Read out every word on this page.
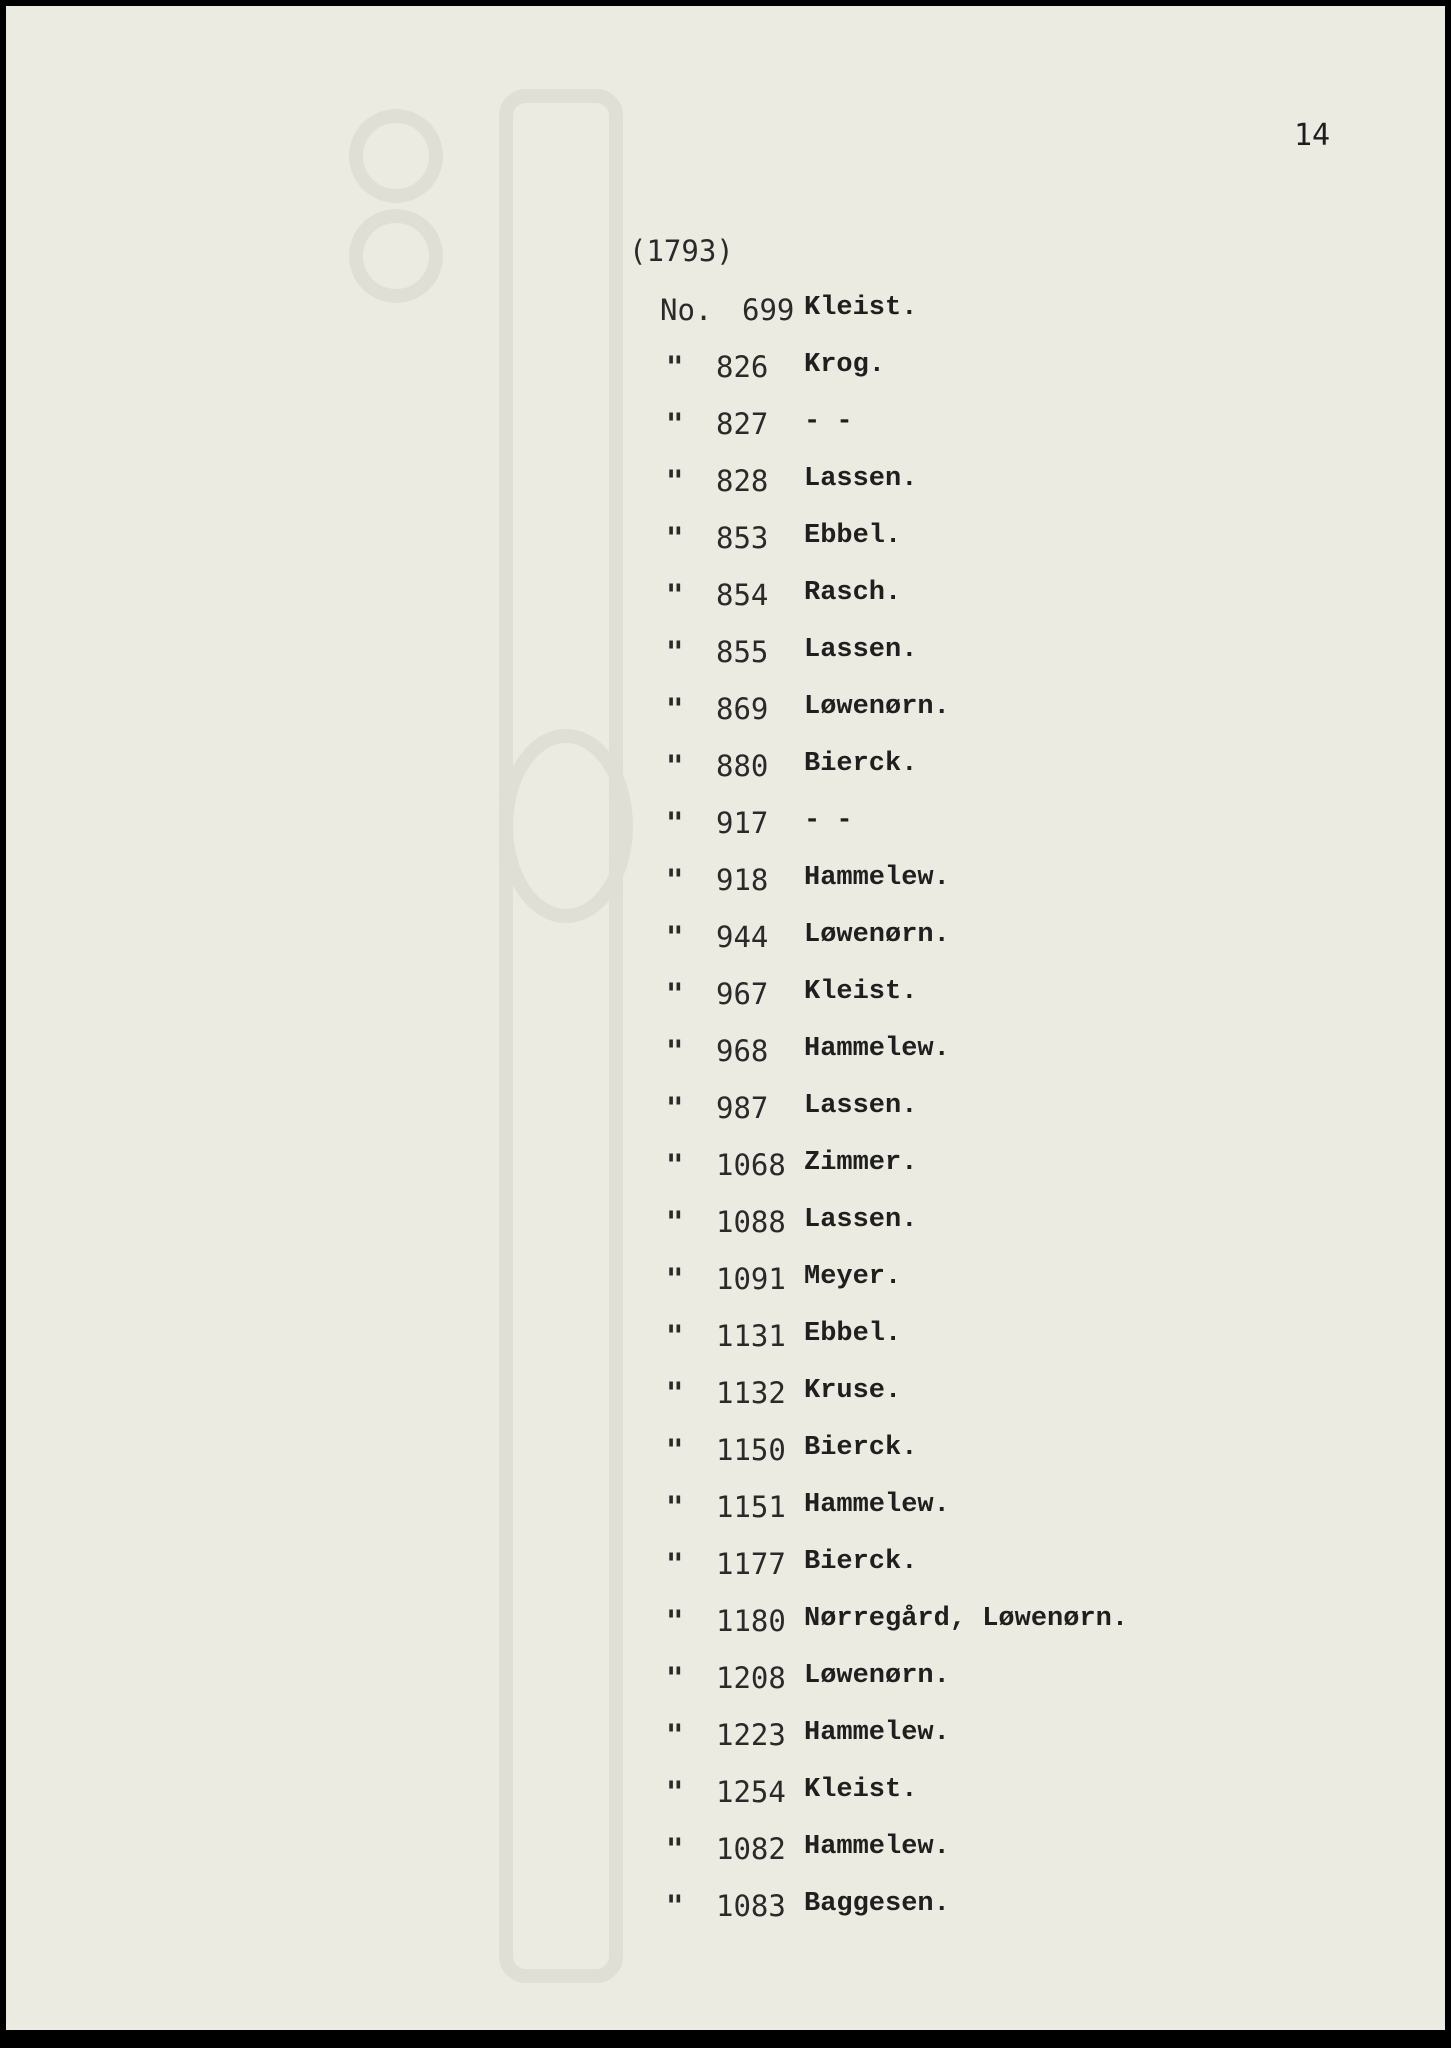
14
(1793)
No.	699 Kleist.
"	826 Krog.
"	827 - -
"	828 Lassen.
"	853 Ebbel.
"	854 Rasch.
"	855 Lassen.
"	869 Løwenørn.
"	880 Bierck.
"	917 - -
"	918 Hammelew.
"	944 Løwenørn.
"	967 Kleist.
"	968 Hammelew.
"	987 Lassen.
"	1068 Zimmer.
"	1088 Lassen.
"	1091 Meyer.
"	1131 Ebbel.
"	1132 Kruse.
"	1150 Bierck.
"	1151 Hammelew.
"	1177 Bierck.
"	1180 Nørregård, Løwenørn.
"	1208 Løwenørn.
"	1223 Hammelew.
"	1254 Kleist.
"	1082 Hammelew.
"	1083 Baggesen.
